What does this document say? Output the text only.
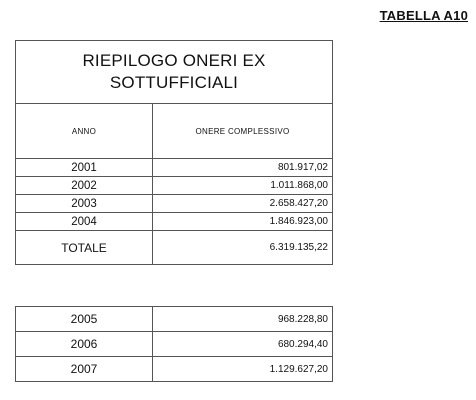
TABELLA A10
RIEPILOGO ONERI EX
SOTTUFFICIALI	
ANNO	ONERE COMPLESSIVO
2001	801.917,02
2002	1.011.868,00
2003	2.658.427,20
2004	1.846.923,00
TOTALE	6.319.135,22
2005	968.228,80
2006	680.294,40
2007	1.129.627,20
